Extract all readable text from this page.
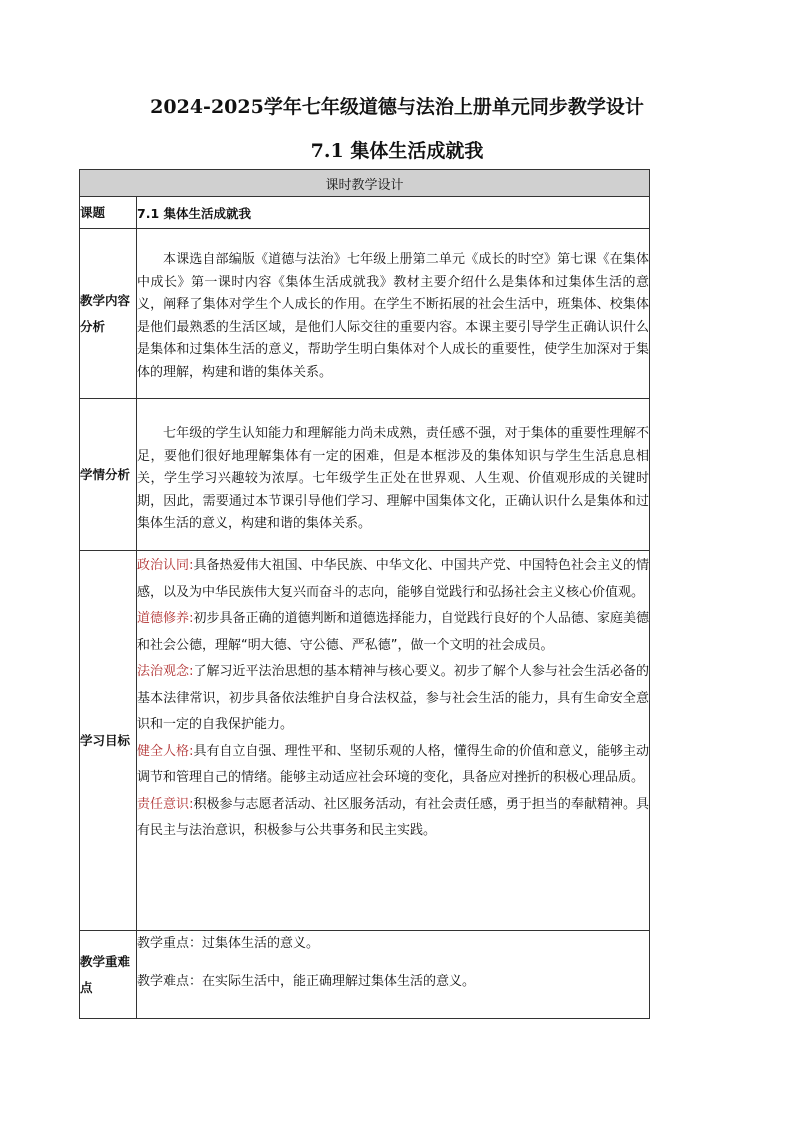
2024-2025学年七年级道德与法治上册单元同步教学设计
7.1 集体生活成就我
课时教学设计	
课题	7.1 集体生活成就我
教学内容分析	本课选自部编版《道德与法治》七年级上册第二单元《成长的时空》第七课《在集体中成长》第一课时内容《集体生活成就我》教材主要介绍什么是集体和过集体生活的意义，阐释了集体对学生个人成长的作用。在学生不断拓展的社会生活中，班集体、校集体是他们最熟悉的生活区域，是他们人际交往的重要内容。本课主要引导学生正确认识什么是集体和过集体生活的意义，帮助学生明白集体对个人成长的重要性，使学生加深对于集体的理解，构建和谐的集体关系。

学情分析	七年级的学生认知能力和理解能力尚未成熟，责任感不强，对于集体的重要性理解不足，要他们很好地理解集体有一定的困难，但是本框涉及的集体知识与学生生活息息相关，学生学习兴趣较为浓厚。七年级学生正处在世界观、人生观、价值观形成的关键时期，因此，需要通过本节课引导他们学习、理解中国集体文化，正确认识什么是集体和过集体生活的意义，构建和谐的集体关系。

学习目标	政治认同:具备热爱伟大祖国、中华民族、中华文化、中国共产党、中国特色社会主义的情感，以及为中华民族伟大复兴而奋斗的志向，能够自觉践行和弘扬社会主义核心价值观。

道德修养:初步具备正确的道德判断和道德选择能力，自觉践行良好的个人品德、家庭美德和社会公德，理解“明大德、守公德、严私德”，做一个文明的社会成员。

法治观念:了解习近平法治思想的基本精神与核心要义。初步了解个人参与社会生活必备的基本法律常识，初步具备依法维护自身合法权益，参与社会生活的能力，具有生命安全意识和一定的自我保护能力。

健全人格:具有自立自强、理性平和、坚韧乐观的人格，懂得生命的价值和意义，能够主动调节和管理自己的情绪。能够主动适应社会环境的变化，具备应对挫折的积极心理品质。

责任意识:积极参与志愿者活动、社区服务活动，有社会责任感，勇于担当的奉献精神。具有民主与法治意识，积极参与公共事务和民主实践。

教学重难点	教学重点：过集体生活的意义。

教学难点：在实际生活中，能正确理解过集体生活的意义。
